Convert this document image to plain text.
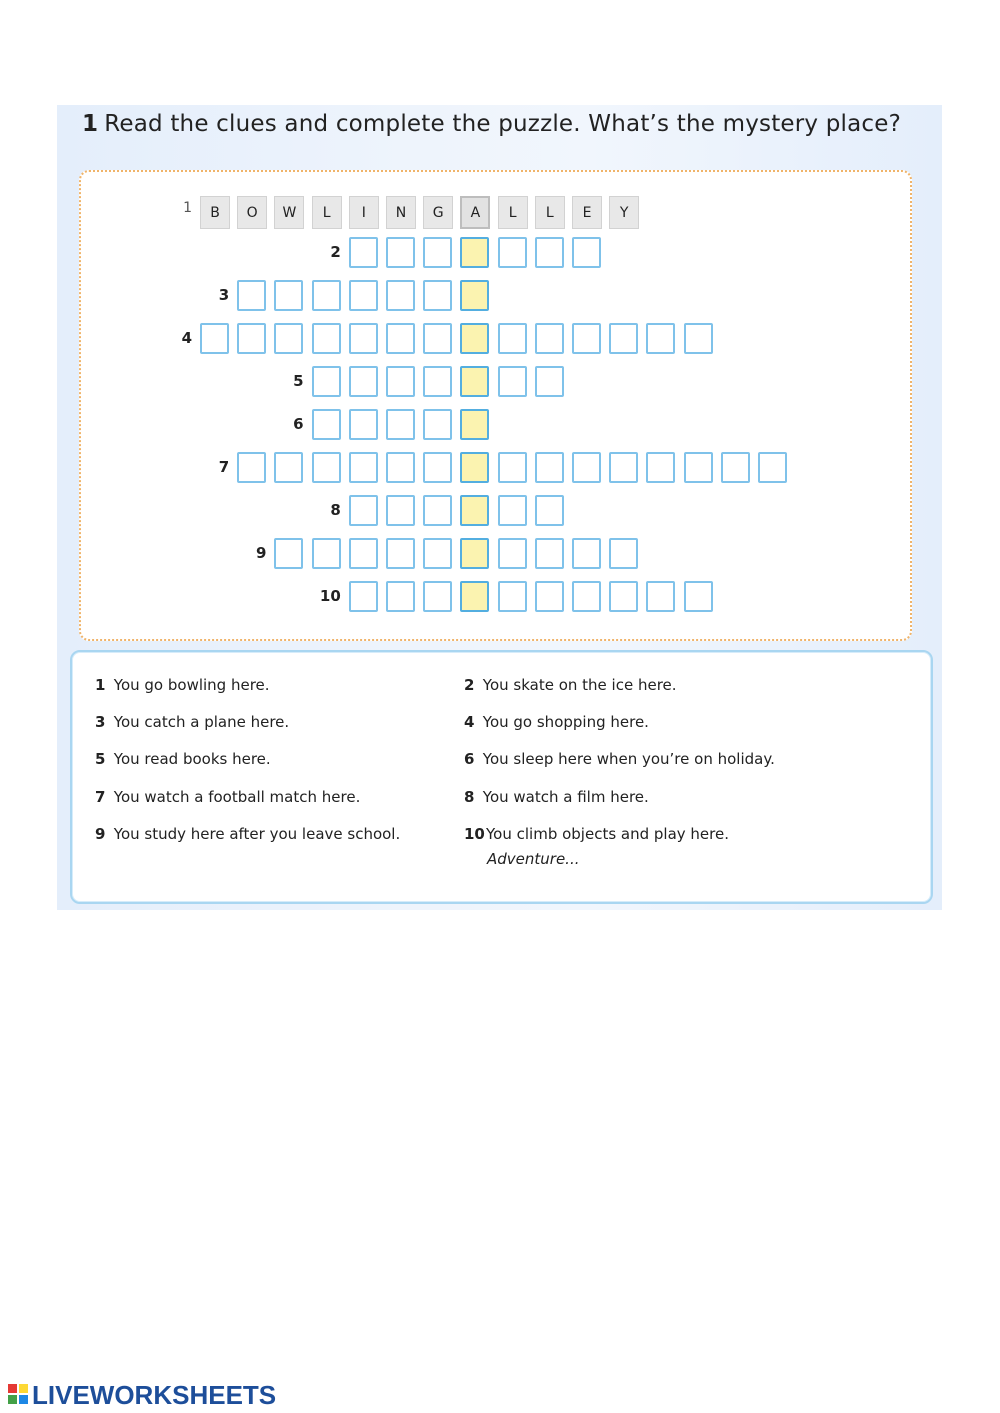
1 Read the clues and complete the puzzle. What’s the mystery place?
1	B	O	W	L	I	N	G	A	L	L	E	Y
2
3
4
5
6
7
8
9
10
1 You go bowling here.	2 You skate on the ice here.
3 You catch a plane here.	4 You go shopping here.
5 You read books here.	6 You sleep here when you’re on holiday.
7 You watch a football match here.	8 You watch a film here.
9 You study here after you leave school.	10You climb objects and play here.
Adventure...
LIVEWORKSHEETS
